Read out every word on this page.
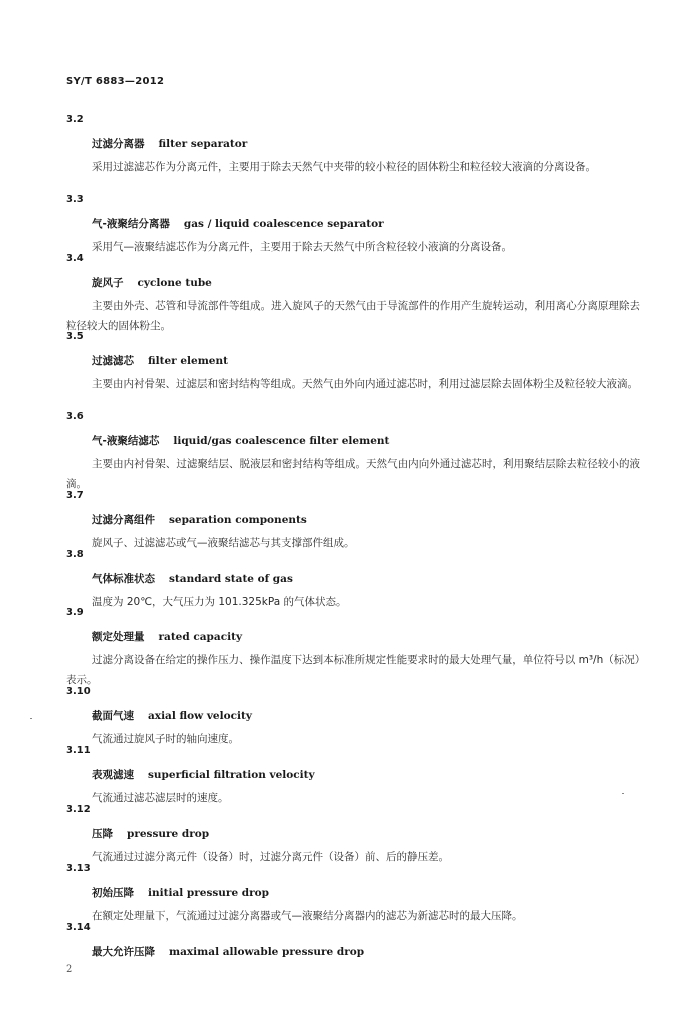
SY/T 6883—2012
3.2
过滤分离器 filter separator
采用过滤滤芯作为分离元件，主要用于除去天然气中夹带的较小粒径的固体粉尘和粒径较大液滴的分离设备。
3.3
气-液聚结分离器 gas / liquid coalescence separator
采用气—液聚结滤芯作为分离元件，主要用于除去天然气中所含粒径较小液滴的分离设备。
3.4
旋风子 cyclone tube
主要由外壳、芯管和导流部件等组成。进入旋风子的天然气由于导流部件的作用产生旋转运动，利用离心分离原理除去粒径较大的固体粉尘。
3.5
过滤滤芯 filter element
主要由内衬骨架、过滤层和密封结构等组成。天然气由外向内通过滤芯时，利用过滤层除去固体粉尘及粒径较大液滴。
3.6
气-液聚结滤芯 liquid/gas coalescence filter element
主要由内衬骨架、过滤聚结层、脱液层和密封结构等组成。天然气由内向外通过滤芯时，利用聚结层除去粒径较小的液滴。
3.7
过滤分离组件 separation components
旋风子、过滤滤芯或气—液聚结滤芯与其支撑部件组成。
3.8
气体标准状态 standard state of gas
温度为 20℃，大气压力为 101.325kPa 的气体状态。
3.9
额定处理量 rated capacity
过滤分离设备在给定的操作压力、操作温度下达到本标准所规定性能要求时的最大处理气量，单位符号以 m³/h（标况）表示。
3.10
截面气速 axial flow velocity
气流通过旋风子时的轴向速度。
3.11
表观滤速 superficial filtration velocity
气流通过滤芯滤层时的速度。
3.12
压降 pressure drop
气流通过过滤分离元件（设备）时，过滤分离元件（设备）前、后的静压差。
3.13
初始压降 initial pressure drop
在额定处理量下，气流通过过滤分离器或气—液聚结分离器内的滤芯为新滤芯时的最大压降。
3.14
最大允许压降 maximal allowable pressure drop
2
